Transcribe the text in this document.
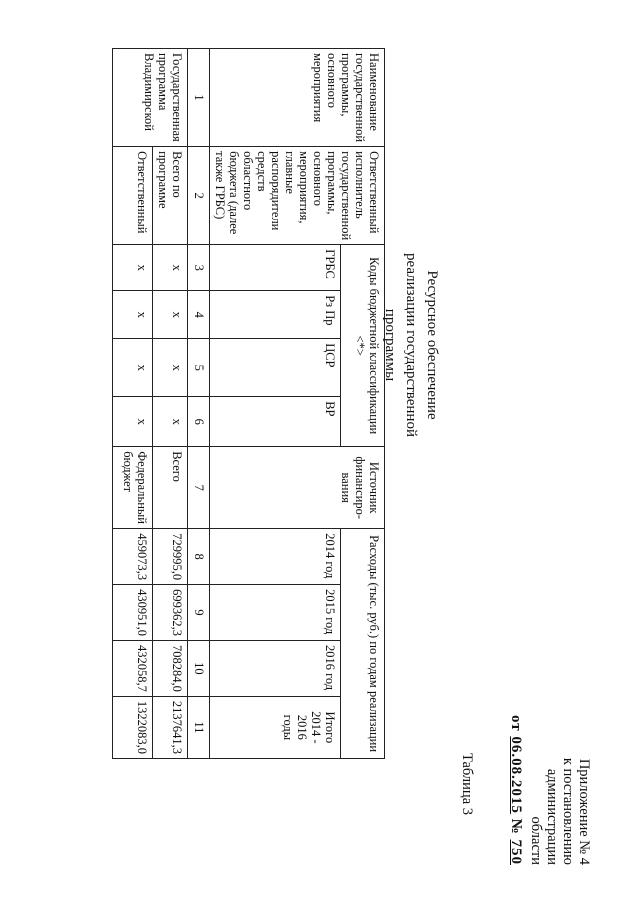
Приложение № 4
к постановлению
администрации
области
от 06.08.2015 № 750
Таблица 3
Ресурсное обеспечение
реализации государственной программы
Наименование государственной программы, основного мероприятия	Ответственный исполнитель государственной программы, основного мероприятия, главные распорядители средств областного бюджета (далее также ГРБС)	Коды бюджетной классификации <*>				Источник финансиро-вания	Расходы (тыс. руб.) по годам реализации			
		ГРБС	Рз Пр	ЦСР	ВР		2014 год	2015 год	2016 год	Итого 2014 - 2016 годы
1	2	3	4	5	6	7	8	9	10	11
Государственная программа Владимирской	Всего по программе	х	х	х	х	Всего	729995,0	699362,3	708284,0	2137641,3
	Ответственный	х	х	х	х	Федеральный бюджет	459073,3	430951,0	432058,7	1322083,0
